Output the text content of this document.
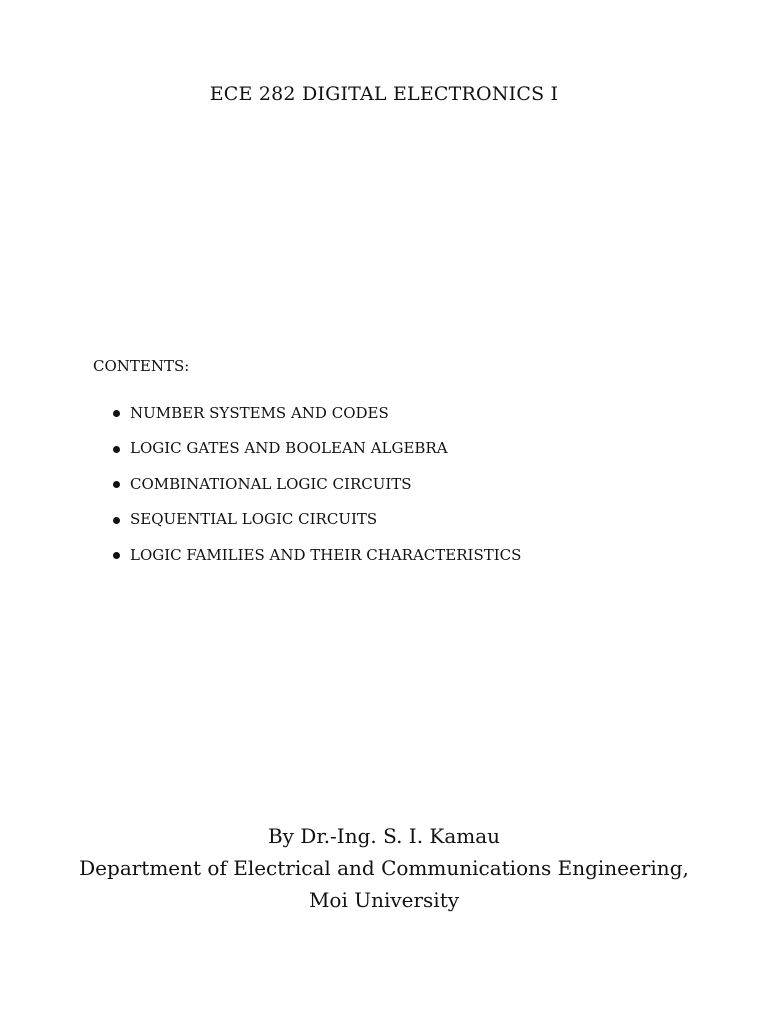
ECE 282 DIGITAL ELECTRONICS I

CONTENTS:

NUMBER SYSTEMS AND CODES
LOGIC GATES AND BOOLEAN ALGEBRA
COMBINATIONAL LOGIC CIRCUITS
SEQUENTIAL LOGIC CIRCUITS
LOGIC FAMILIES AND THEIR CHARACTERISTICS
By Dr.-Ing. S. I. Kamau
Department of Electrical and Communications Engineering,
Moi University
